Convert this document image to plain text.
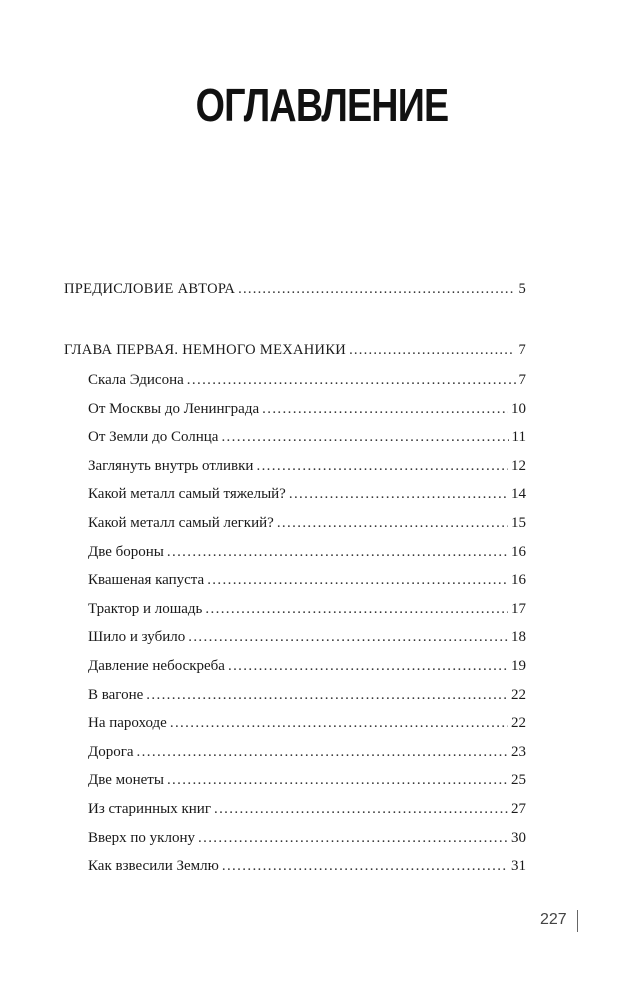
ОГЛАВЛЕНИЕ
ПРЕДИСЛОВИЕ АВТОРА . . .	5
ГЛАВА ПЕРВАЯ. НЕМНОГО МЕХАНИКИ . . .	7
Скала Эдисона . . .	7
От Москвы до Ленинграда . . .	10
От Земли до Солнца . . .	11
Заглянуть внутрь отливки . . .	12
Какой металл самый тяжелый? . . .	14
Какой металл самый легкий? . . .	15
Две бороны . . .	16
Квашеная капуста . . .	16
Трактор и лошадь . . .	17
Шило и зубило . . .	18
Давление небоскреба . . .	19
В вагоне . . .	22
На пароходе . . .	22
Дорога . . .	23
Две монеты . . .	25
Из старинных книг . . .	27
Вверх по уклону . . .	30
Как взвесили Землю . . .	31
227
